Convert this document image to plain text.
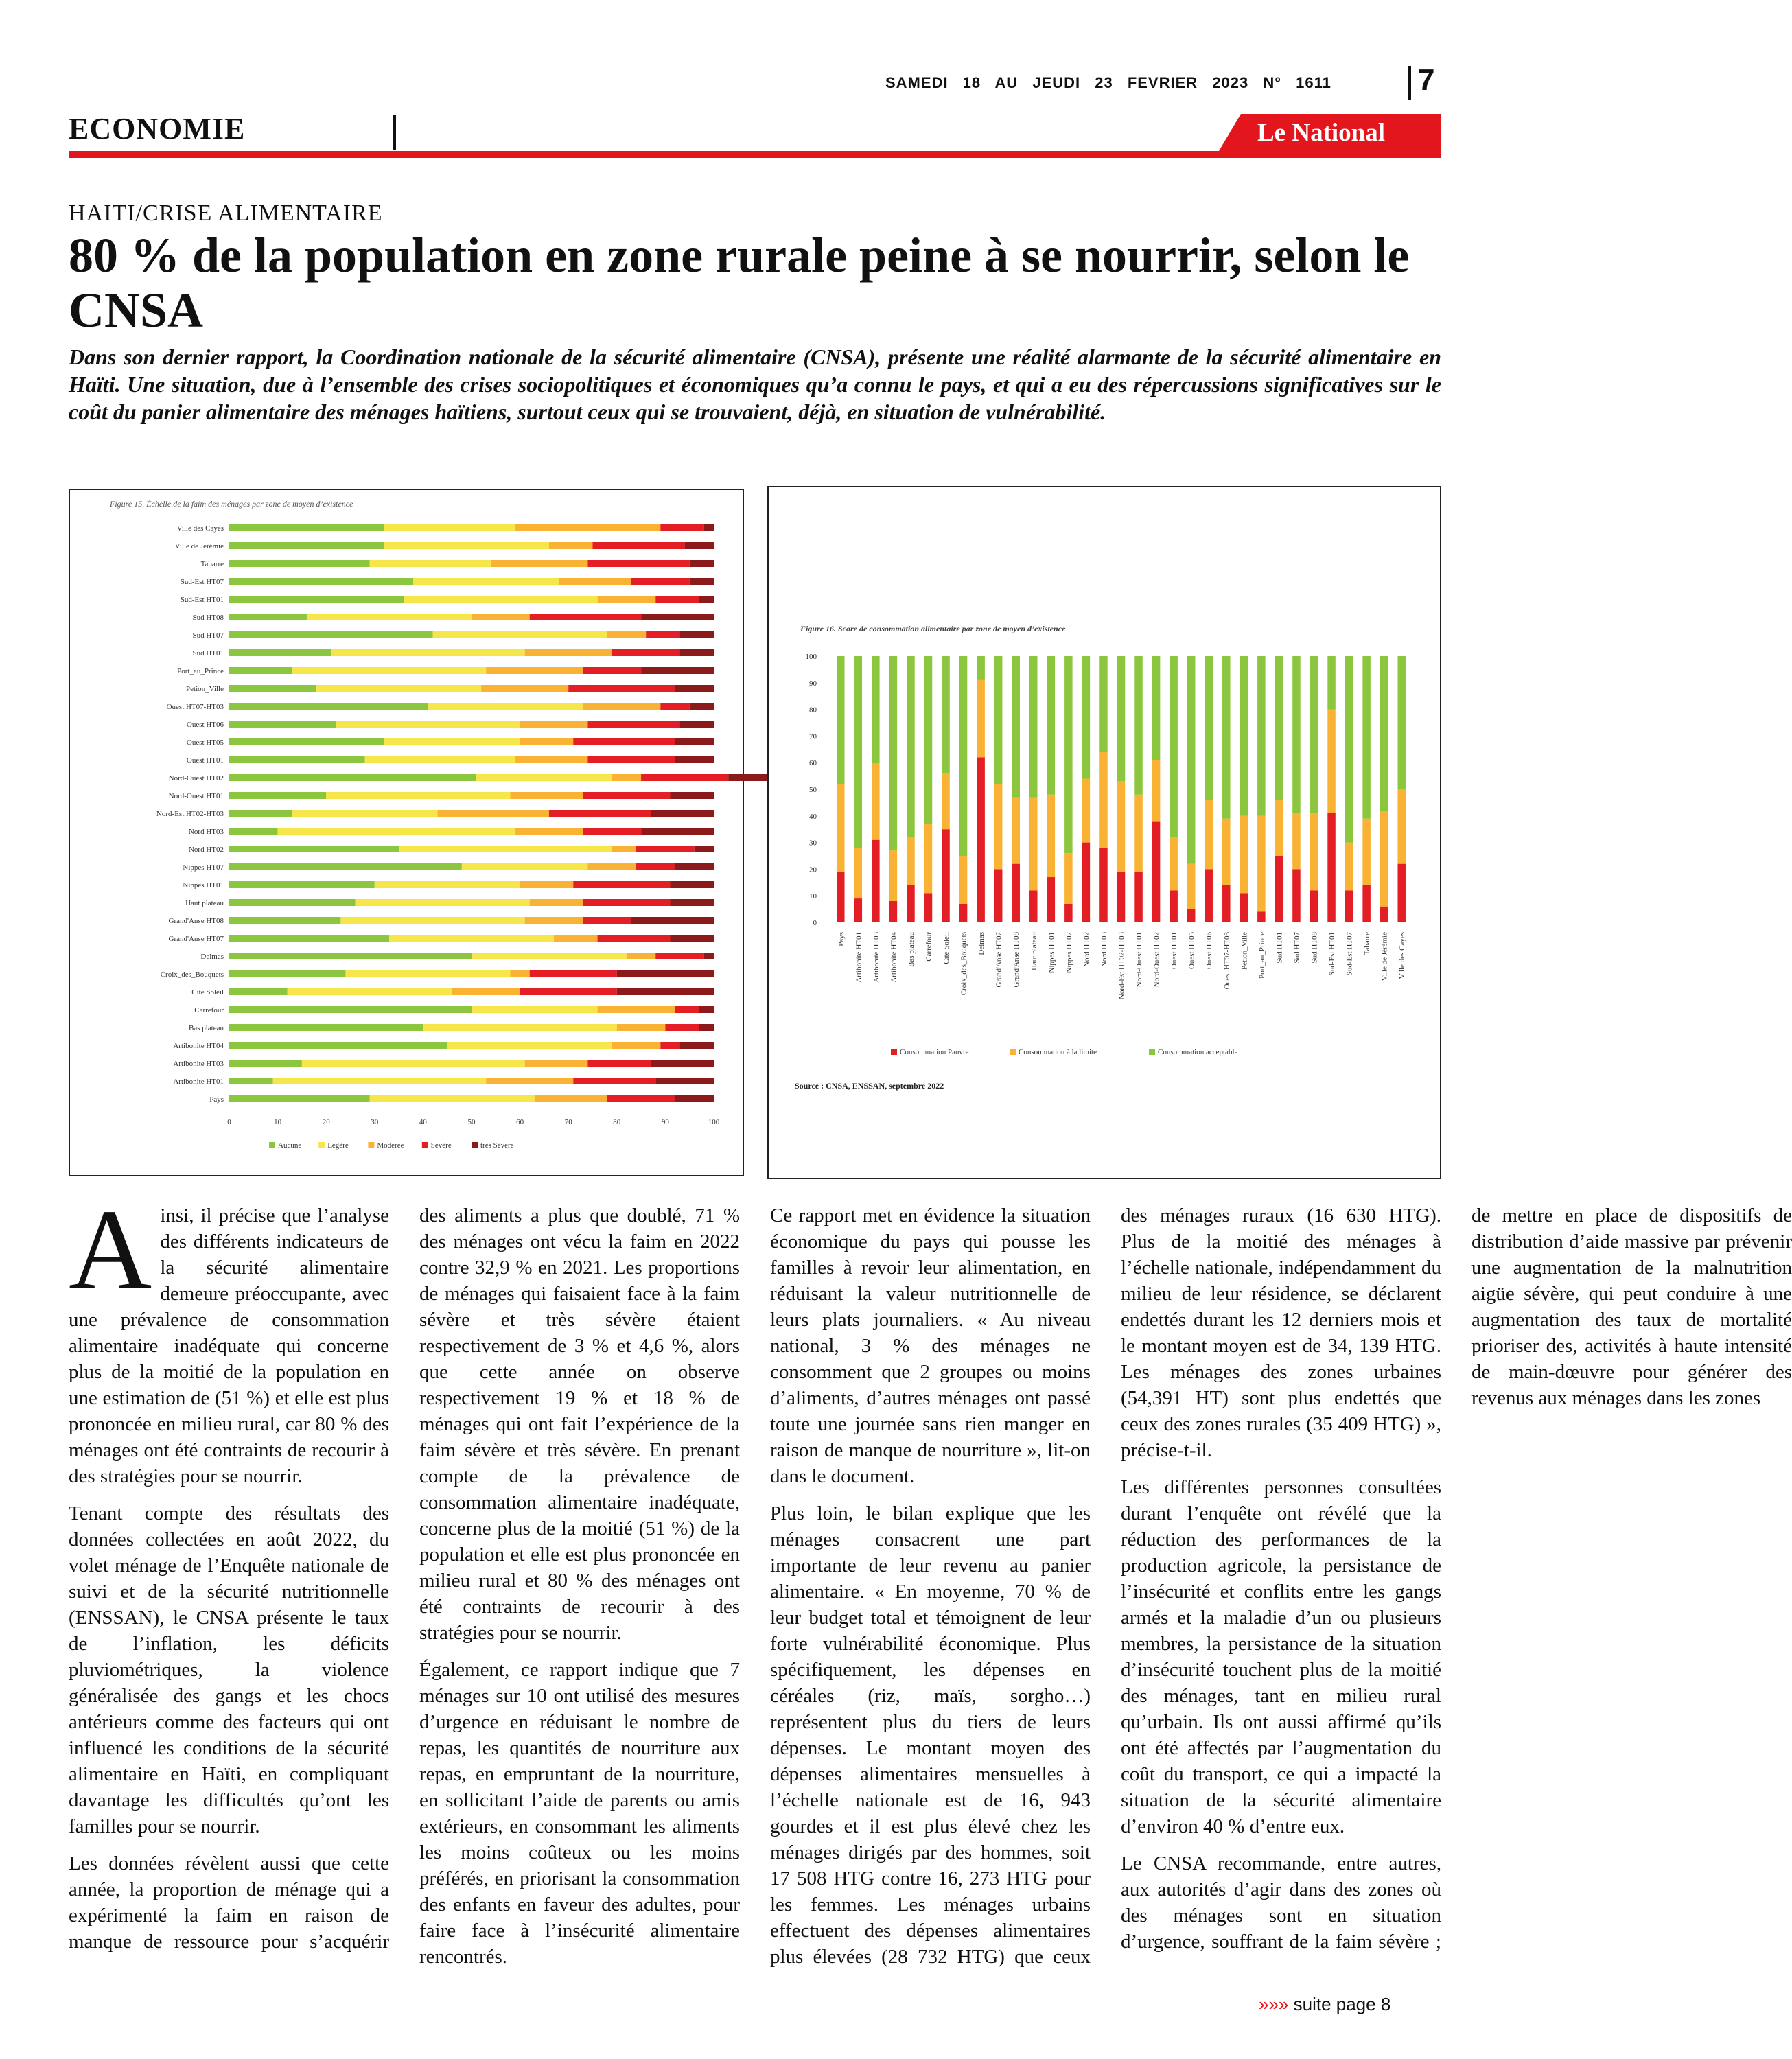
SAMEDI 18 AU JEUDI 23 FEVRIER 2023 N° 1611	7
ECONOMIE	Le National
HAITI/CRISE ALIMENTAIRE
80 % de la population en zone rurale peine à se nourrir, selon le CNSA

Dans son dernier rapport, la Coordination nationale de la sécurité alimentaire (CNSA), présente une réalité alarmante de la sécurité alimentaire en Haïti. Une situation, due à l’ensemble des crises sociopolitiques et économiques qu’a connu le pays, et qui a eu des répercussions significatives sur le coût du panier alimentaire des ménages haïtiens, surtout ceux qui se trouvaient, déjà, en situation de vulnérabilité.

Figure 15. Échelle de la faim des ménages par zone de moyen d’existence
Ville des Cayes
Ville de Jérémie
Tabarre
Sud-Est HT07
Sud-Est HT01
Sud HT08
Sud HT07
Sud HT01
Port_au_Prince
Petion_Ville
Ouest HT07-HT03
Ouest HT06
Ouest HT05
Ouest HT01
Nord-Ouest HT02
Nord-Ouest HT01
Nord-Est HT02-HT03
Nord HT03
Nord HT02
Nippes HT07
Nippes HT01
Haut plateau
Grand'Anse HT08
Grand'Anse HT07
Delmas
Croix_des_Bouquets
Cite Soleil
Carrefour
Bas plateau
Artibonite HT04
Artibonite HT03
Artibonite HT01
Pays
0	10	20	30	40	50	60	70	80	90	100
Aucune	Légère	Modérée	Sévère	très Sévère
Figure 16. Score de consommation alimentaire par zone de moyen d’existence
0
10
20
30
40
50
60
70
80
90
100
Pays Artibonite HT01 Artibonite HT03 Artibonite HT04 Bas plateau Carrefour Cité Soleil Croix_des_Bouquets Delmas Grand'Anse HT07 Grand'Anse HT08 Haut plateau Nippes HT01 Nippes HT07 Nord HT02 Nord HT03 Nord-Est HT02-HT03 Nord-Ouest HT01 Nord-Ouest HT02 Ouest HT01 Ouest HT05 Ouest HT06 Ouest HT07-HT03 Petion_Ville Port_au_Prince Sud HT01 Sud HT07 Sud HT08 Sud-Est HT01 Sud-Est HT07 Tabarre Ville de Jérémie Ville des Cayes
Consommation Pauvre	Consommation à la limite	Consommation acceptable
Source : CNSA, ENSSAN, septembre 2022

Ainsi, il précise que l’analyse des différents indicateurs de la sécurité alimentaire demeure préoccupante, avec une prévalence de consommation alimentaire inadéquate qui concerne plus de la moitié de la population en une estimation de (51 %) et elle est plus prononcée en milieu rural, car 80 % des ménages ont été contraints de recourir à des stratégies pour se nourrir.

Tenant compte des résultats des données collectées en août 2022, du volet ménage de l’Enquête nationale de suivi et de la sécurité nutritionnelle (ENSSAN), le CNSA présente le taux de l’inflation, les déficits pluviométriques, la violence généralisée des gangs et les chocs antérieurs comme des facteurs qui ont influencé les conditions de la sécurité alimentaire en Haïti, en compliquant davantage les difficultés qu’ont les familles pour se nourrir.

Les données révèlent aussi que cette année, la proportion de ménage qui a expérimenté la faim en raison de manque de ressource pour s’acquérir des aliments a plus que doublé, 71 % des ménages ont vécu la faim en 2022 contre 32,9 % en 2021. Les proportions de ménages qui faisaient face à la faim sévère et très sévère étaient respectivement de 3 % et 4,6 %, alors que cette année on observe respectivement 19 % et 18 % de ménages qui ont fait l’expérience de la faim sévère et très sévère. En prenant compte de la prévalence de consommation alimentaire inadéquate, concerne plus de la moitié (51 %) de la population et elle est plus prononcée en milieu rural et 80 % des ménages ont été contraints de recourir à des stratégies pour se nourrir.

Également, ce rapport indique que 7 ménages sur 10 ont utilisé des mesures d’urgence en réduisant le nombre de repas, les quantités de nourriture aux repas, en empruntant de la nourriture, en sollicitant l’aide de parents ou amis extérieurs, en consommant les aliments les moins coûteux ou les moins préférés, en priorisant la consommation des enfants en faveur des adultes, pour faire face à l’insécurité alimentaire rencontrés.

Ce rapport met en évidence la situation économique du pays qui pousse les familles à revoir leur alimentation, en réduisant la valeur nutritionnelle de leurs plats journaliers. « Au niveau national, 3 % des ménages ne consomment que 2 groupes ou moins d’aliments, d’autres ménages ont passé toute une journée sans rien manger en raison de manque de nourriture », lit-on dans le document.

Plus loin, le bilan explique que les ménages consacrent une part importante de leur revenu au panier alimentaire. « En moyenne, 70 % de leur budget total et témoignent de leur forte vulnérabilité économique. Plus spécifiquement, les dépenses en céréales (riz, maïs, sorgho…) représentent plus du tiers de leurs dépenses. Le montant moyen des dépenses alimentaires mensuelles à l’échelle nationale est de 16, 943 gourdes et il est plus élevé chez les ménages dirigés par des hommes, soit 17 508 HTG contre 16, 273 HTG pour les femmes. Les ménages urbains effectuent des dépenses alimentaires plus élevées (28 732 HTG) que ceux des ménages ruraux (16 630 HTG). Plus de la moitié des ménages à l’échelle nationale, indépendamment du milieu de leur résidence, se déclarent endettés durant les 12 derniers mois et le montant moyen est de 34, 139 HTG. Les ménages des zones urbaines (54,391 HT) sont plus endettés que ceux des zones rurales (35 409 HTG) », précise-t-il.

Les différentes personnes consultées durant l’enquête ont révélé que la réduction des performances de la production agricole, la persistance de l’insécurité et conflits entre les gangs armés et la maladie d’un ou plusieurs membres, la persistance de la situation d’insécurité touchent plus de la moitié des ménages, tant en milieu rural qu’urbain. Ils ont aussi affirmé qu’ils ont été affectés par l’augmentation du coût du transport, ce qui a impacté la situation de la sécurité alimentaire d’environ 40 % d’entre eux.

Le CNSA recommande, entre autres, aux autorités d’agir dans des zones où des ménages sont en situation d’urgence, souffrant de la faim sévère ; de mettre en place de dispositifs de distribution d’aide massive par prévenir une augmentation de la malnutrition aigüe sévère, qui peut conduire à une augmentation des taux de mortalité prioriser des, activités à haute intensité de main-dœuvre pour générer des revenus aux ménages dans les zones

»»» suite page 8
